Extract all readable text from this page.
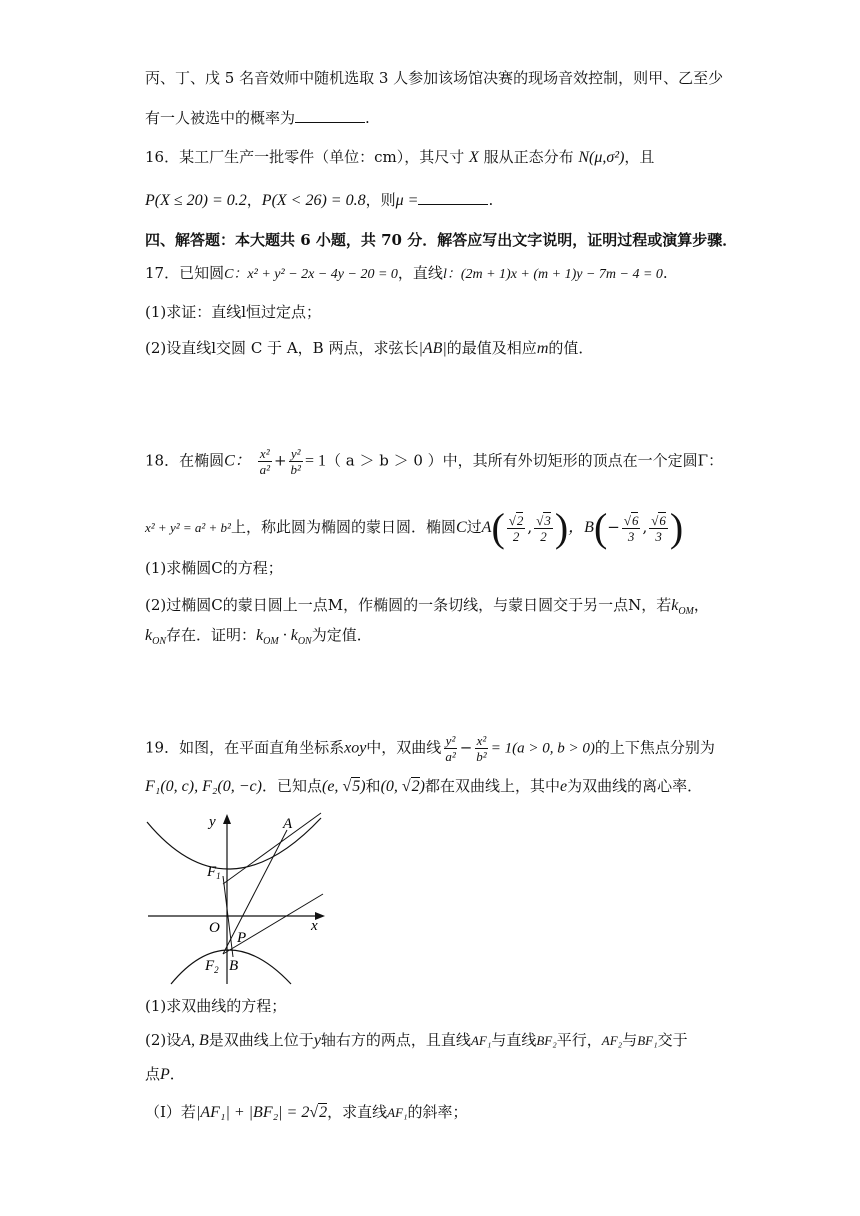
丙、丁、戊 5 名音效师中随机选取 3 人参加该场馆决赛的现场音效控制，则甲、乙至少
有一人被选中的概率为	.
16．某工厂生产一批零件（单位：cm），其尺寸 X 服从正态分布 N(μ,σ²)，且
P(X ≤ 20) = 0.2，P(X < 26) = 0.8，则μ =	.
四、解答题：本大题共 6 小题，共 70 分．解答应写出文字说明，证明过程或演算步骤．
17．已知圆C：x² + y² − 2x − 4y − 20 = 0，直线l：(2m + 1)x + (m + 1)y − 7m − 4 = 0.
(1)求证：直线l恒过定点；
(2)设直线l交圆 C 于 A，B 两点，求弦长|AB|的最值及相应m的值．
18．在椭圆C： $\frac{\text{x²}}{\text{a²}} + \frac{\text{y²}}{\text{b²}} = 1$（ a ＞ b ＞ 0 ）中，其所有外切矩形的顶点在一个定圆Γ：
x² + y² = a² + b²上，称此圆为椭圆的蒙日圆．椭圆C过$A( \frac{√2}{2}$ , $\frac{√3}{2}$ )，$B(- \frac{√6}{3}$ , $\frac{√6}{3}$ )
(1)求椭圆C的方程；
(2)过椭圆C的蒙日圆上一点M，作椭圆的一条切线，与蒙日圆交于另一点N，若$k_{OM}$，
$k_{ON}$存在．证明：$k_{OM} \cdot k_{ON}$为定值．
19．如图，在平面直角坐标系xoy中，双曲线 $\frac{\text{y²}}{\text{a²}} - \frac{\text{x²}}{\text{b²}} = 1(a > 0$, b > 0)的上下焦点分别为
F₁(0, c), F₂(0, −c)．已知点(e, √5)和(0, √2)都在双曲线上，其中e为双曲线的离心率．
y
x
O
A
$F_1$
$F_2$ B
P
(1)求双曲线的方程；
(2)设A, B是双曲线上位于y轴右方的两点，且直线AF₁与直线BF₂平行，AF₂与BF₁交于
点P．
（I）若|AF₁| + |BF₂| = 2√2，求直线AF₁的斜率；
